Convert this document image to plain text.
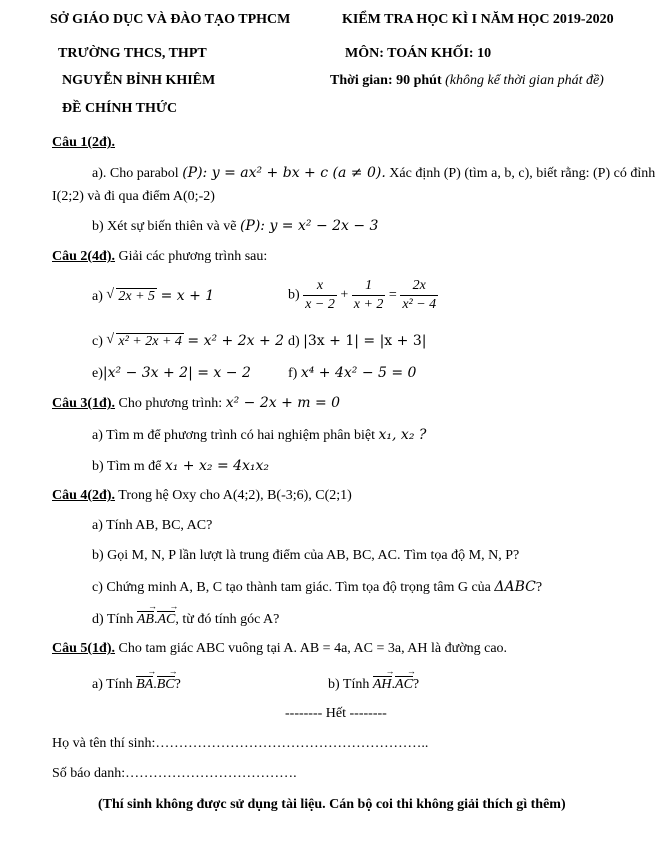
SỞ GIÁO DỤC VÀ ĐÀO TẠO TPHCM
TRƯỜNG THCS, THPT
NGUYỄN BỈNH KHIÊM
ĐỀ CHÍNH THỨC
KIỂM TRA HỌC KÌ I NĂM HỌC 2019-2020
MÔN: TOÁN KHỐI: 10
Thời gian: 90 phút (không kể thời gian phát đề)
Câu 1(2đ).
a). Cho parabol (P): y = ax² + bx + c (a ≠ 0). Xác định (P) (tìm a, b, c), biết rằng: (P) có đỉnh
I(2;2) và đi qua điểm A(0;-2)
b) Xét sự biến thiên và vẽ (P): y = x² − 2x − 3
Câu 2(4đ). Giải các phương trình sau:
a) √ 2x + 5 = x + 1	$b) \frac{x}{x - 2} + \frac{1}{x + 2} = \frac{2x}{\text{x² − 4}}$
c) √ x² + 2x + 4 = x² + 2x + 2 d) |3x + 1| = |x + 3|
e)|x² − 3x + 2| = x − 2	f) x⁴ + 4x² − 5 = 0
Câu 3(1đ). Cho phương trình: x² − 2x + m = 0
a) Tìm m để phương trình có hai nghiệm phân biệt x₁, x₂ ?
b) Tìm m để x₁ + x₂ = 4x₁x₂
Câu 4(2đ). Trong hệ Oxy cho A(4;2), B(-3;6), C(2;1)
a) Tính AB, BC, AC?
b) Gọi M, N, P lần lượt là trung điểm của AB, BC, AC. Tìm tọa độ M, N, P?
c) Chứng minh A, B, C tạo thành tam giác. Tìm tọa độ trọng tâm G của ΔABC?
d) Tính → AB.→ AC, từ đó tính góc A?
Câu 5(1đ). Cho tam giác ABC vuông tại A. AB = 4a, AC = 3a, AH là đường cao.
a) Tính → BA.→ BC?	b) Tính → AH.→ AC?
-------- Hết --------
Họ và tên thí sinh:…………………………………………………..
Số báo danh:……………………………….
(Thí sinh không được sử dụng tài liệu. Cán bộ coi thi không giải thích gì thêm)
